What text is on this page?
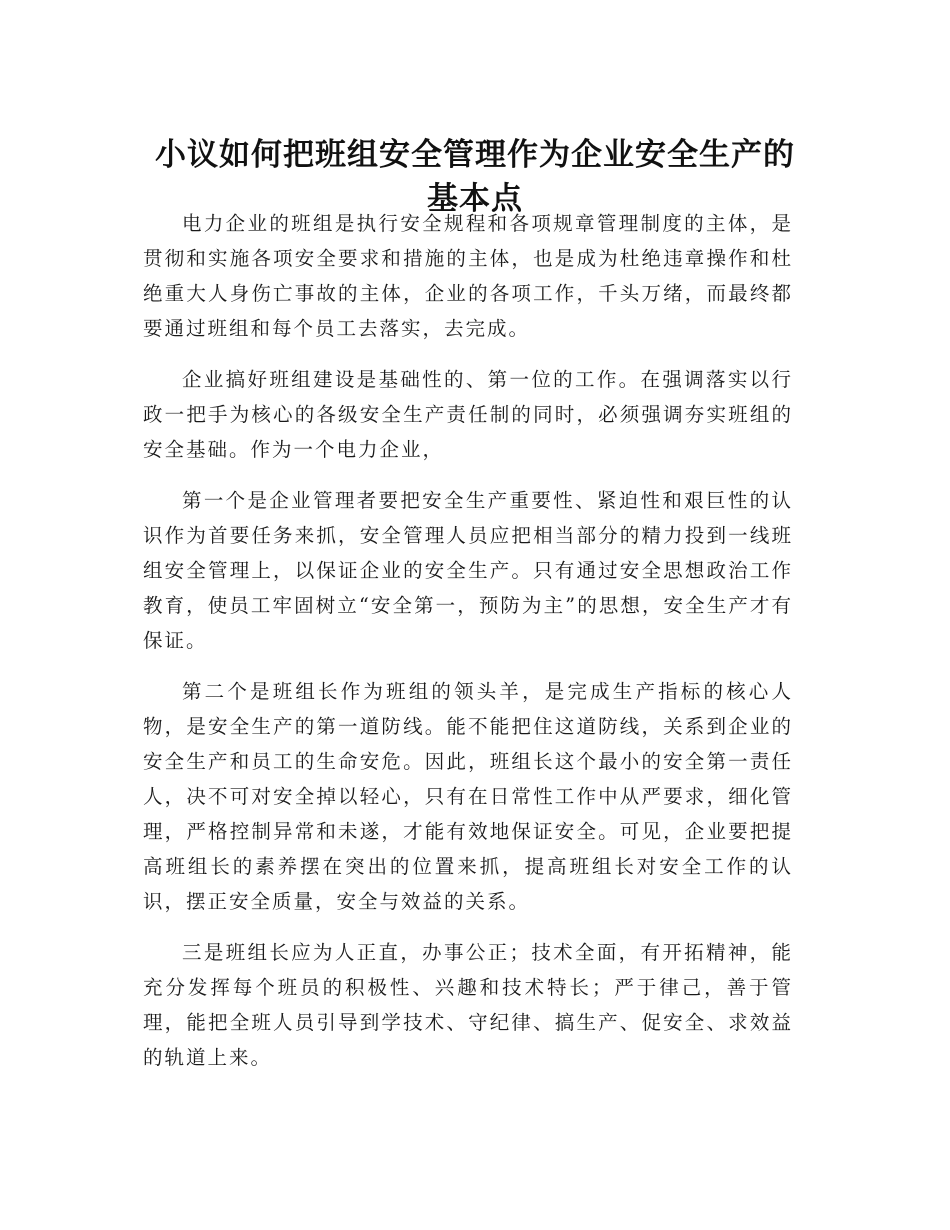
小议如何把班组安全管理作为企业安全生产的基本点

电力企业的班组是执行安全规程和各项规章管理制度的主体，是贯彻和实施各项安全要求和措施的主体，也是成为杜绝违章操作和杜绝重大人身伤亡事故的主体，企业的各项工作，千头万绪，而最终都要通过班组和每个员工去落实，去完成。

企业搞好班组建设是基础性的、第一位的工作。在强调落实以行政一把手为核心的各级安全生产责任制的同时，必须强调夯实班组的安全基础。作为一个电力企业，

第一个是企业管理者要把安全生产重要性、紧迫性和艰巨性的认识作为首要任务来抓，安全管理人员应把相当部分的精力投到一线班组安全管理上，以保证企业的安全生产。只有通过安全思想政治工作教育，使员工牢固树立“安全第一，预防为主”的思想，安全生产才有保证。

第二个是班组长作为班组的领头羊，是完成生产指标的核心人物，是安全生产的第一道防线。能不能把住这道防线，关系到企业的安全生产和员工的生命安危。因此，班组长这个最小的安全第一责任人，决不可对安全掉以轻心，只有在日常性工作中从严要求，细化管理，严格控制异常和未遂，才能有效地保证安全。可见，企业要把提高班组长的素养摆在突出的位置来抓，提高班组长对安全工作的认识，摆正安全质量，安全与效益的关系。

三是班组长应为人正直，办事公正；技术全面，有开拓精神，能充分发挥每个班员的积极性、兴趣和技术特长；严于律己，善于管理，能把全班人员引导到学技术、守纪律、搞生产、促安全、求效益的轨道上来。
